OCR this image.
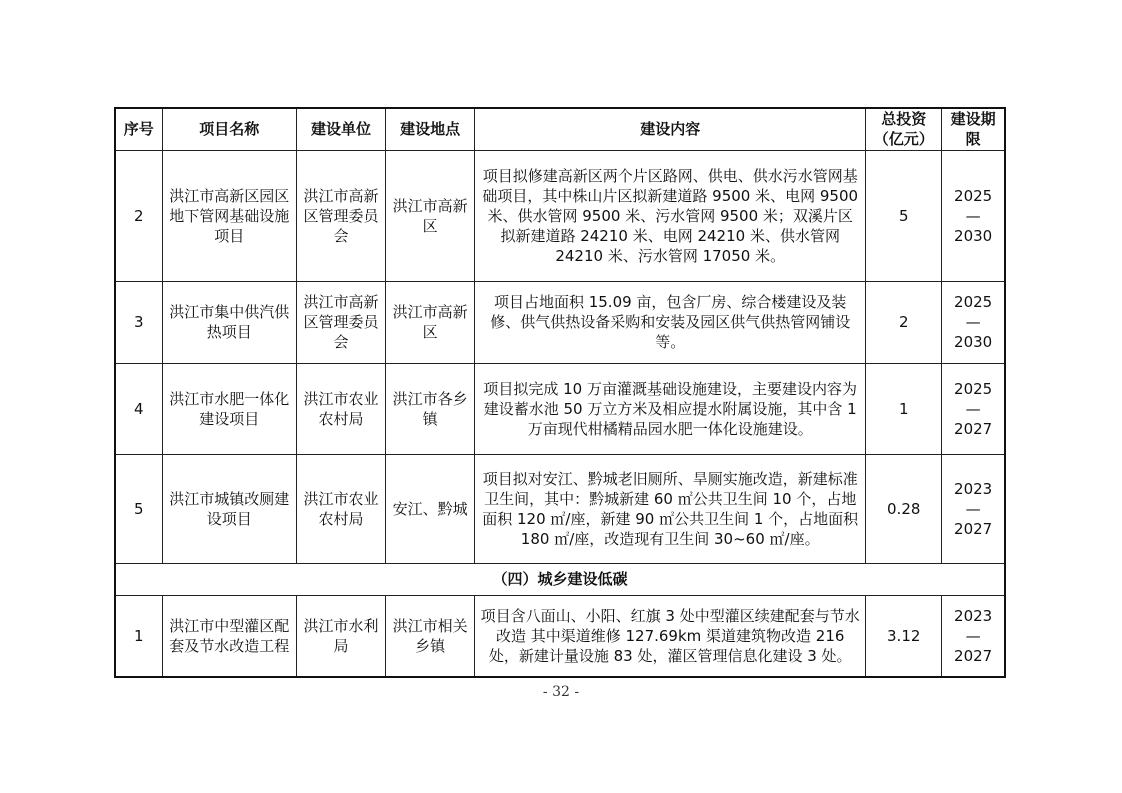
序号	项目名称	建设单位	建设地点	建设内容	总投资（亿元）	建设期限
2	洪江市高新区园区地下管网基础设施项目	洪江市高新区管理委员会	洪江市高新区	项目拟修建高新区两个片区路网、供电、供水污水管网基础项目，其中株山片区拟新建道路 9500 米、电网 9500 米、供水管网 9500 米、污水管网 9500 米；双溪片区拟新建道路 24210 米、电网 24210 米、供水管网 24210 米、污水管网 17050 米。	5	2025
—
2030

3	洪江市集中供汽供热项目	洪江市高新区管理委员会	洪江市高新区	项目占地面积 15.09 亩，包含厂房、综合楼建设及装修、供气供热设备采购和安装及园区供气供热管网铺设等。	2	2025
—
2030

4	洪江市水肥一体化建设项目	洪江市农业农村局	洪江市各乡镇	项目拟完成 10 万亩灌溉基础设施建设，主要建设内容为建设蓄水池 50 万立方米及相应提水附属设施，其中含 1 万亩现代柑橘精品园水肥一体化设施建设。	1	2025
—
2027

5	洪江市城镇改厕建设项目	洪江市农业农村局	安江、黔城	项目拟对安江、黔城老旧厕所、旱厕实施改造，新建标准卫生间，其中：黔城新建 60 ㎡公共卫生间 10 个，占地面积 120 ㎡/座，新建 90 ㎡公共卫生间 1 个，占地面积 180 ㎡/座，改造现有卫生间 30~60 ㎡/座。	0.28	2023
—
2027

（四）城乡建设低碳						
1	洪江市中型灌区配套及节水改造工程	洪江市水利局	洪江市相关乡镇	项目含八面山、小阳、红旗 3 处中型灌区续建配套与节水改造 其中渠道维修 127.69km 渠道建筑物改造 216 处，新建计量设施 83 处，灌区管理信息化建设 3 处。	3.12	2023
—
2027
- 32 -
